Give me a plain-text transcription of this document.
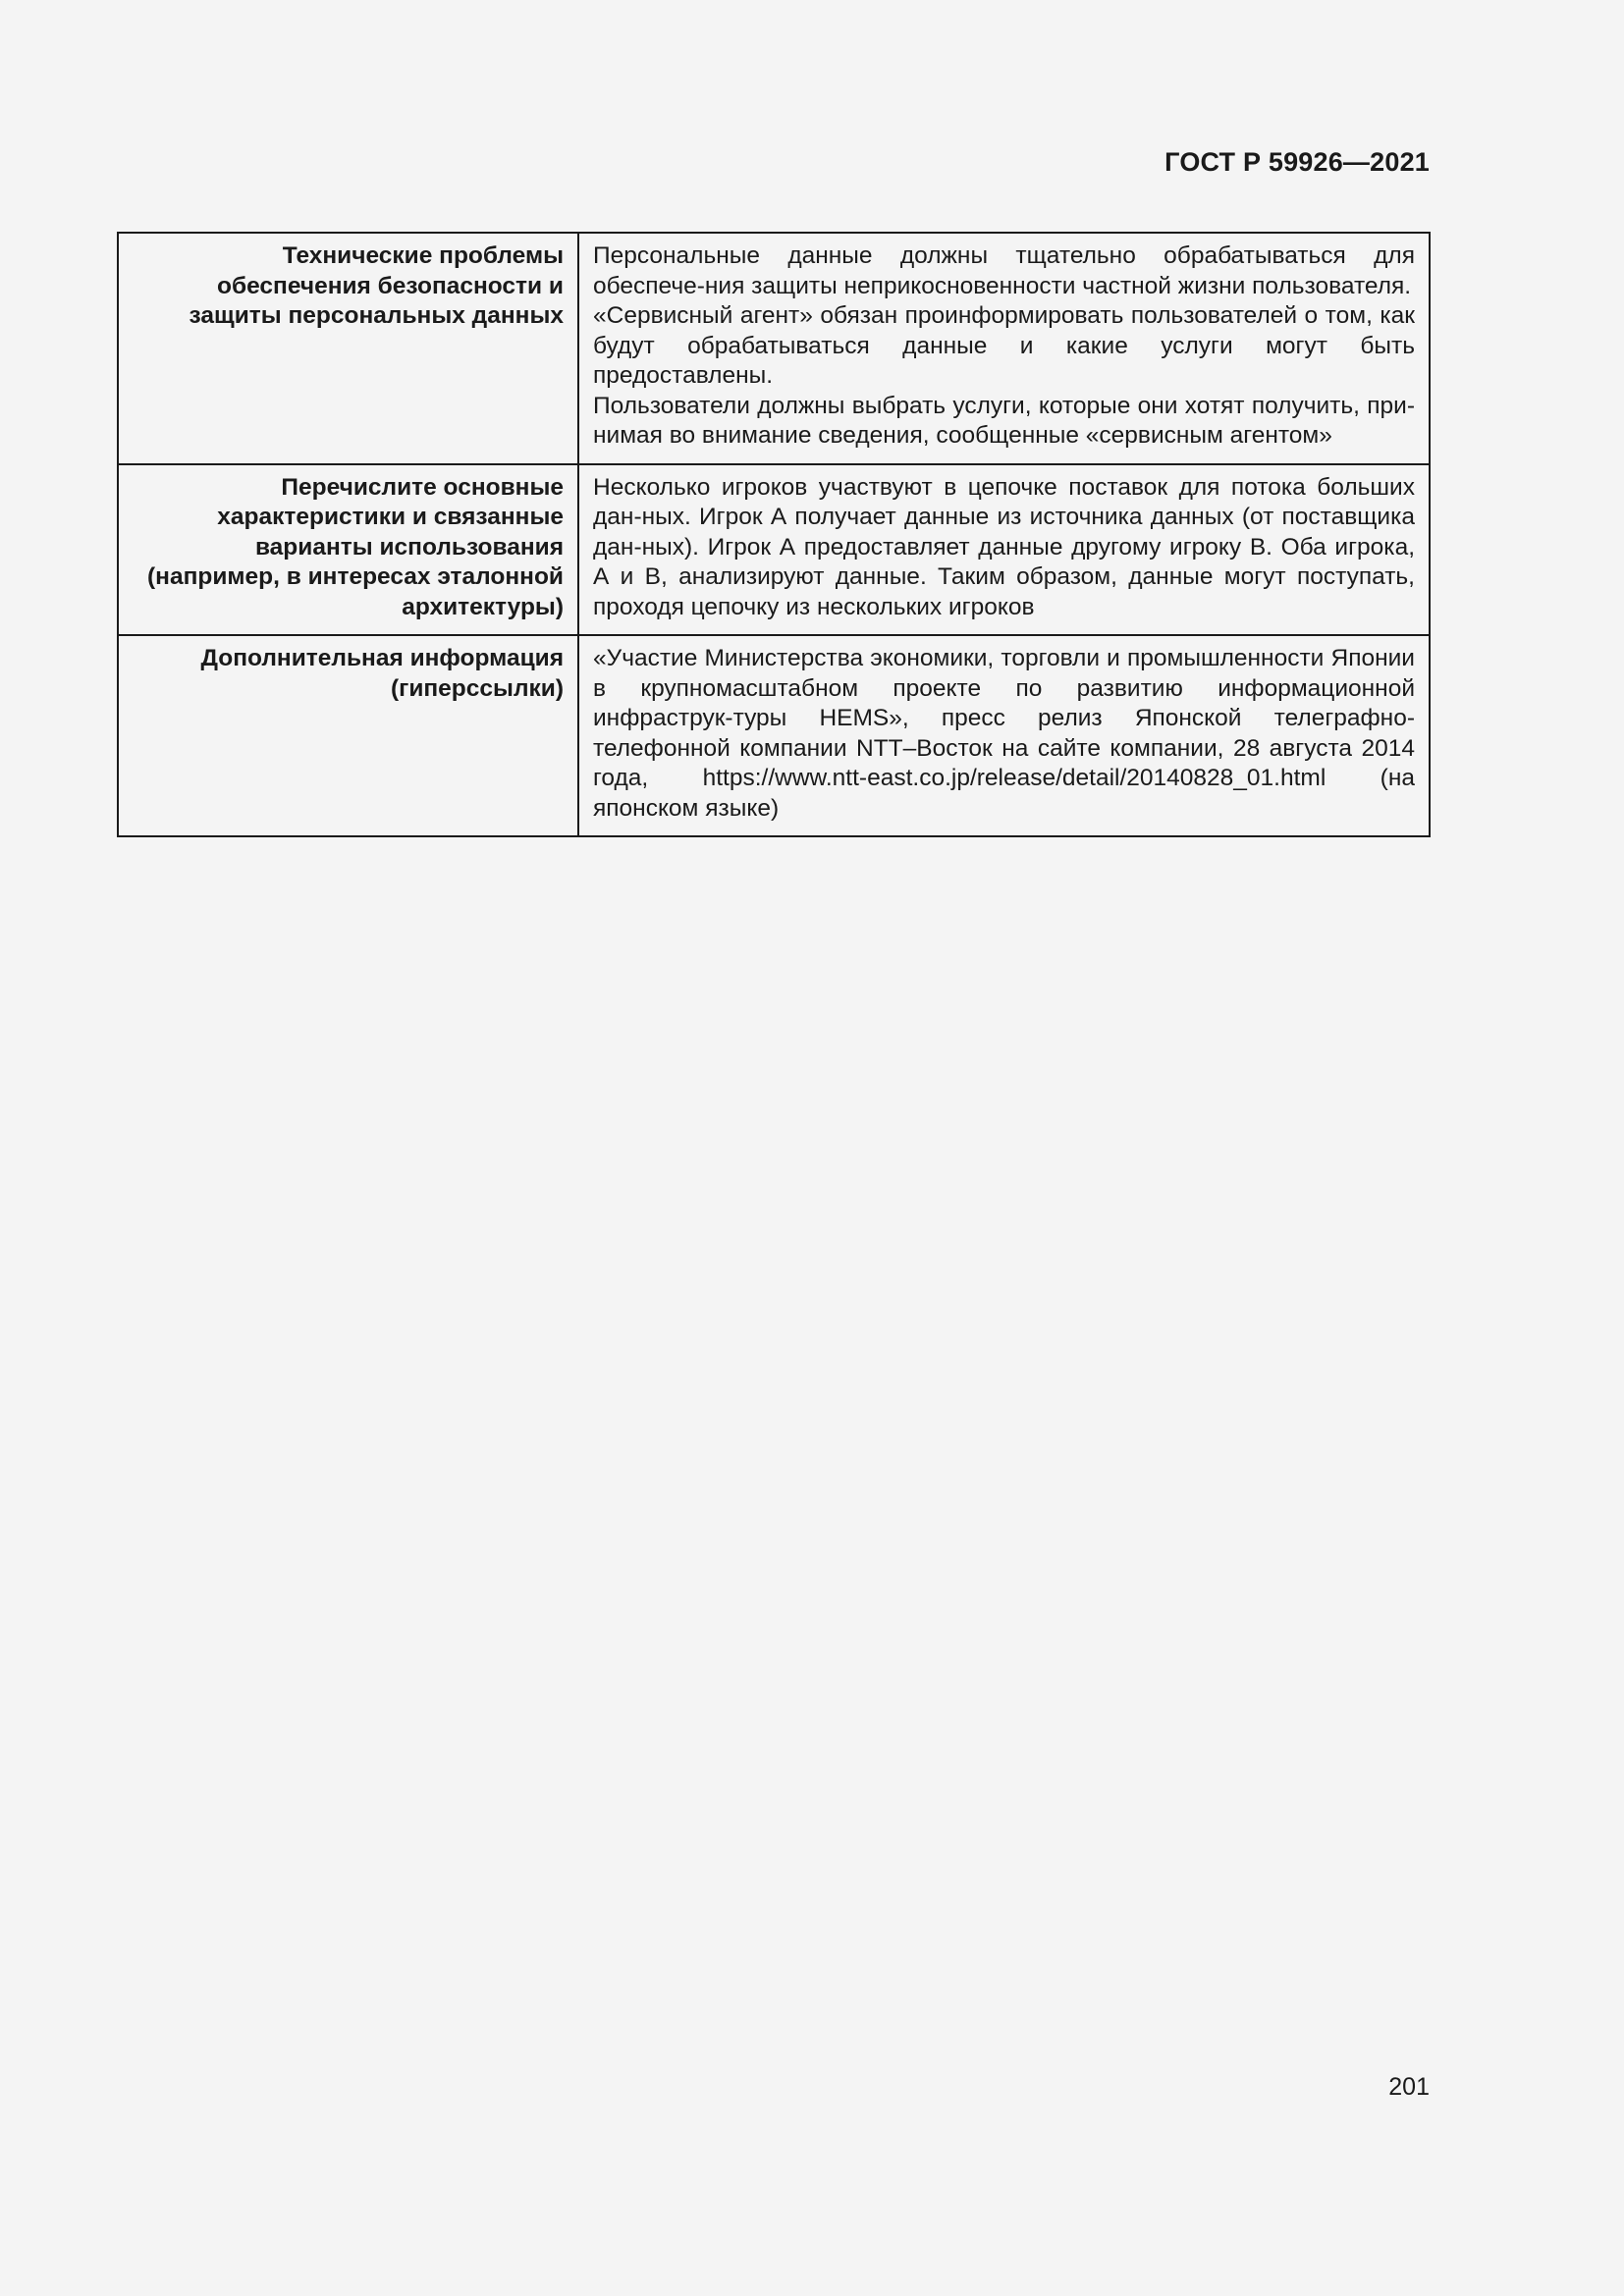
ГОСТ Р 59926—2021
Технические проблемы обеспечения безопасности и защиты персональных данных	Персональные данные должны тщательно обрабатываться для обеспече-ния защиты неприкосновенности частной жизни пользователя.
«Сервисный агент» обязан проинформировать пользователей о том, как будут обрабатываться данные и какие услуги могут быть предоставлены.
Пользователи должны выбрать услуги, которые они хотят получить, при-нимая во внимание сведения, сообщенные «сервисным агентом»

Перечислите основные характеристики и связанные варианты использования (например, в интересах эталонной архитектуры)	Несколько игроков участвуют в цепочке поставок для потока больших дан-ных. Игрок А получает данные из источника данных (от поставщика дан-ных). Игрок А предоставляет данные другому игроку В. Оба игрока, А и В, анализируют данные. Таким образом, данные могут поступать, проходя цепочку из нескольких игроков

Дополнительная информация (гиперссылки)	«Участие Министерства экономики, торговли и промышленности Японии в крупномасштабном проекте по развитию информационной инфраструк-туры HEMS», пресс релиз Японской телеграфно-телефонной компании NTT–Восток на сайте компании, 28 августа 2014 года, https://www.ntt-east.co.jp/release/detail/20140828_01.html (на японском языке)
201
